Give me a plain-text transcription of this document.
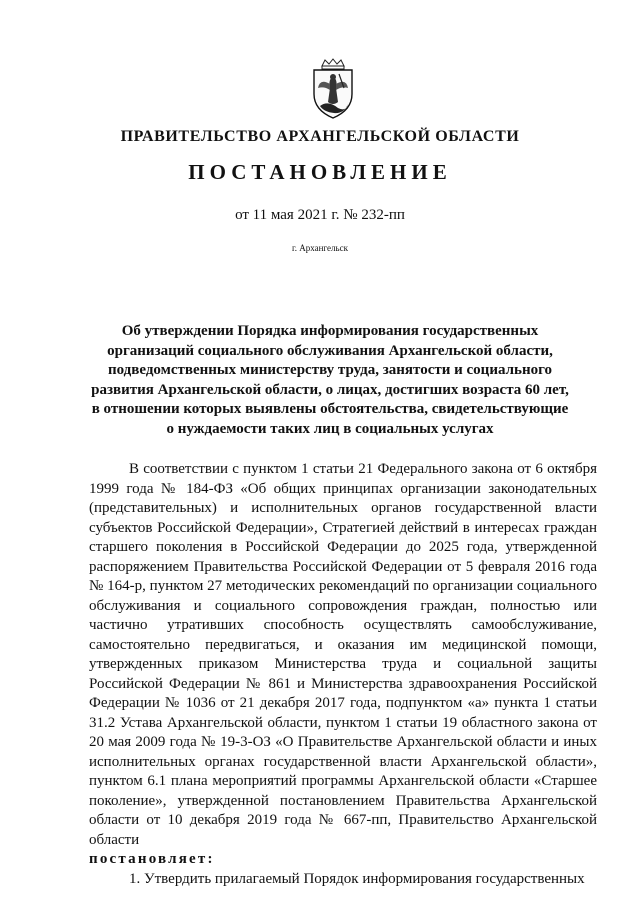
ПРАВИТЕЛЬСТВО АРХАНГЕЛЬСКОЙ ОБЛАСТИ
ПОСТАНОВЛЕНИЕ
от 11 мая 2021 г. № 232-пп
г. Архангельск
Об утверждении Порядка информирования государственных
организаций социального обслуживания Архангельской области,
подведомственных министерству труда, занятости и социального
развития Архангельской области, о лицах, достигших возраста 60 лет,
в отношении которых выявлены обстоятельства, свидетельствующие
о нуждаемости таких лиц в социальных услугах

В соответствии с пунктом 1 статьи 21 Федерального закона от 6 октября 1999 года № 184-ФЗ «Об общих принципах организации законодательных (представительных) и исполнительных органов государственной власти субъектов Российской Федерации», Стратегией действий в интересах граждан старшего поколения в Российской Федерации до 2025 года, утвержденной распоряжением Правительства Российской Федерации от 5 февраля 2016 года № 164-р, пунктом 27 методических рекомендаций по организации социального обслуживания и социального сопровождения граждан, полностью или частично утративших способность осуществлять самообслуживание, самостоятельно передвигаться, и оказания им медицинской помощи, утвержденных приказом Министерства труда и социальной защиты Российской Федерации № 861 и Министерства здравоохранения Российской Федерации № 1036 от 21 декабря 2017 года, подпунктом «а» пункта 1 статьи 31.2 Устава Архангельской области, пунктом 1 статьи 19 областного закона от 20 мая 2009 года № 19-3-ОЗ «О Правительстве Архангельской области и иных исполнительных органах государственной власти Архангельской области», пунктом 6.1 плана мероприятий программы Архангельской области «Старшее поколение», утвержденной постановлением Правительства Архангельской области от 10 декабря 2019 года № 667-пп, Правительство Архангельской области
постановляет:

1. Утвердить прилагаемый Порядок информирования государственных
